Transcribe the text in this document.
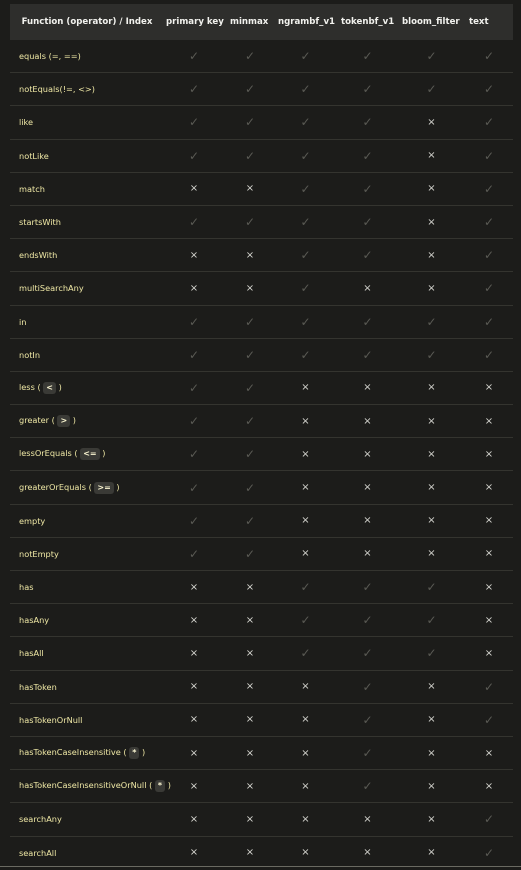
Function (operator) / Index	primary key	minmax	ngrambf_v1	tokenbf_v1	bloom_filter	text
equals (=, ==)	✓	✓	✓	✓	✓	✓
notEquals(!=, <>)	✓	✓	✓	✓	✓	✓
like	✓	✓	✓	✓	×	✓
notLike	✓	✓	✓	✓	×	✓
match	×	×	✓	✓	×	✓
startsWith	✓	✓	✓	✓	×	✓
endsWith	×	×	✓	✓	×	✓
multiSearchAny	×	×	✓	×	×	✓
in	✓	✓	✓	✓	✓	✓
notIn	✓	✓	✓	✓	✓	✓
less ( < )	✓	✓	×	×	×	×
greater ( > )	✓	✓	×	×	×	×
lessOrEquals ( <= )	✓	✓	×	×	×	×
greaterOrEquals ( >= )	✓	✓	×	×	×	×
empty	✓	✓	×	×	×	×
notEmpty	✓	✓	×	×	×	×
has	×	×	✓	✓	✓	×
hasAny	×	×	✓	✓	✓	×
hasAll	×	×	✓	✓	✓	×
hasToken	×	×	×	✓	×	✓
hasTokenOrNull	×	×	×	✓	×	✓
hasTokenCaseInsensitive ( * )	×	×	×	✓	×	×
hasTokenCaseInsensitiveOrNull ( * )	×	×	×	✓	×	×
searchAny	×	×	×	×	×	✓
searchAll	×	×	×	×	×	✓
